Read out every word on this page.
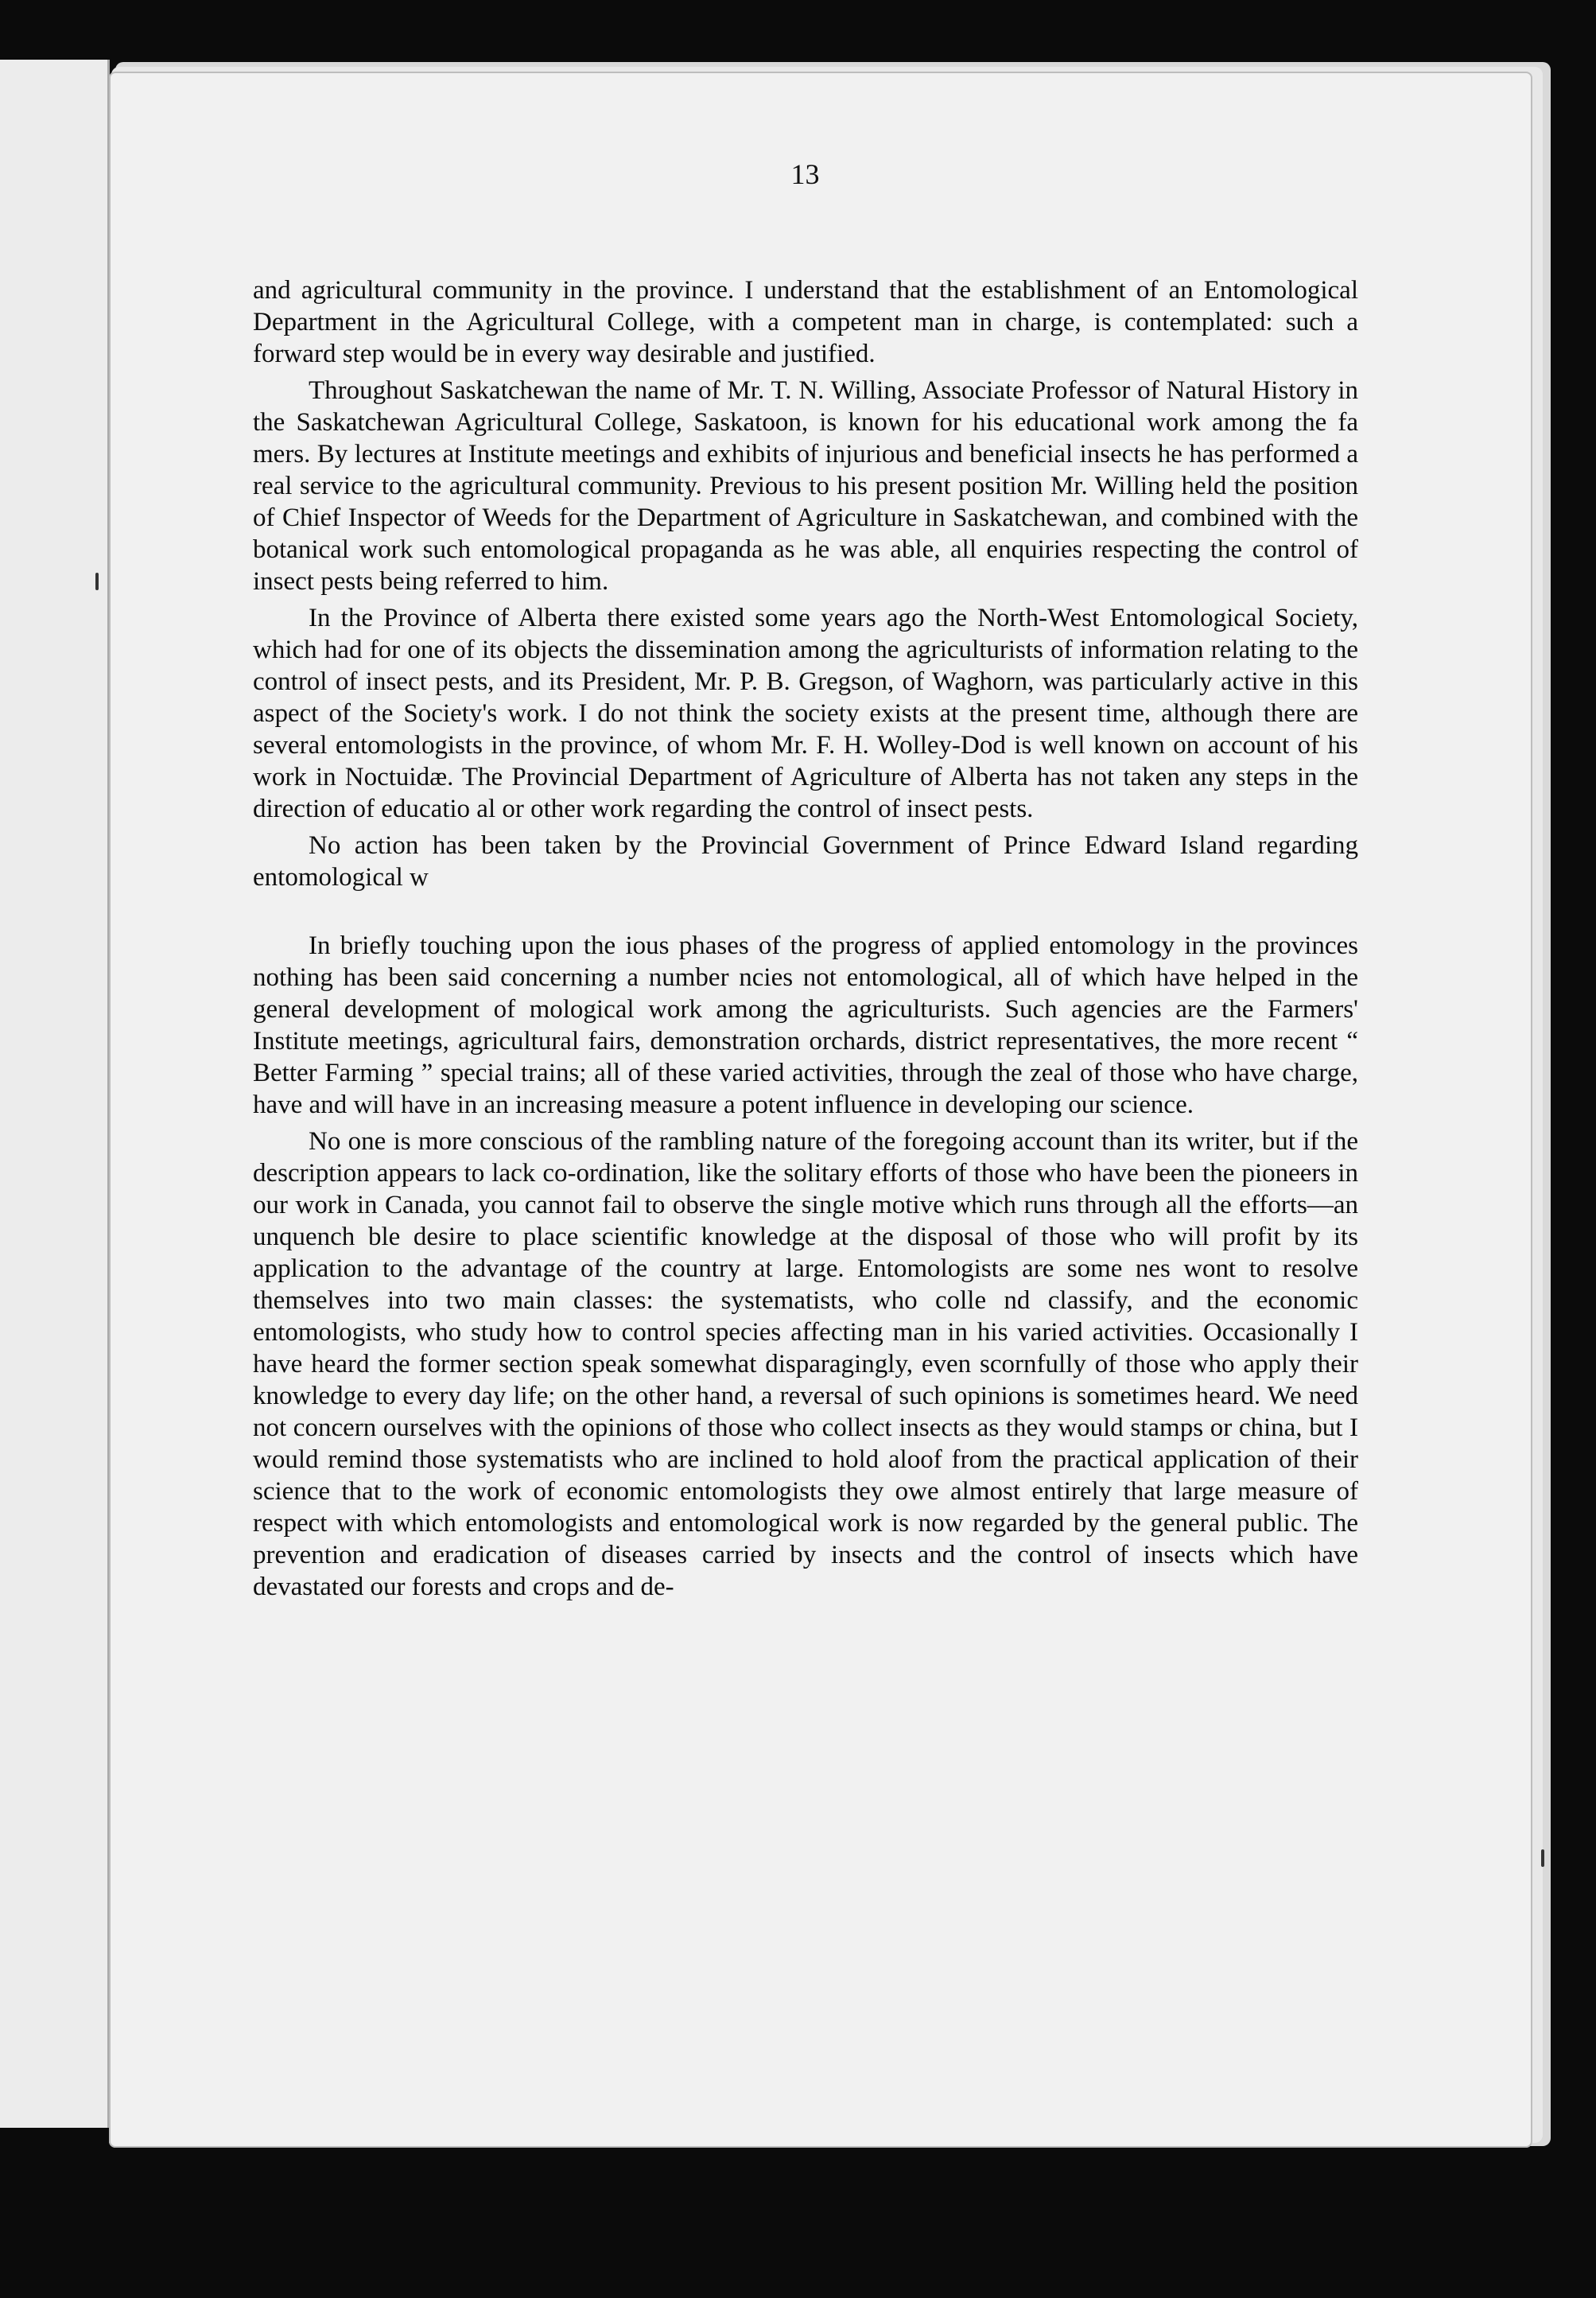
13

and agricultural community in the province. I understand that the establishment of an Entomological Department in the Agricultural College, with a competent man in charge, is contemplated: such a forward step would be in every way desirable and justified.

Throughout Saskatchewan the name of Mr. T. N. Willing, Associate Professor of Natural History in the Saskatchewan Agricultural College, Saskatoon, is known for his educational work among the fa mers. By lectures at Institute meetings and exhibits of injurious and beneficial insects he has performed a real service to the agricultural community. Previous to his present position Mr. Willing held the position of Chief Inspector of Weeds for the Department of Agriculture in Saskatchewan, and combined with the botanical work such entomological propaganda as he was able, all enquiries respecting the control of insect pests being referred to him.

In the Province of Alberta there existed some years ago the North-West Entomological Society, which had for one of its objects the dissemination among the agriculturists of information relating to the control of insect pests, and its President, Mr. P. B. Gregson, of Waghorn, was particularly active in this aspect of the Society's work. I do not think the society exists at the present time, although there are several entomologists in the province, of whom Mr. F. H. Wolley-Dod is well known on account of his work in Noctuidæ. The Provincial Department of Agriculture of Alberta has not taken any steps in the direction of educatio al or other work regarding the control of insect pests.

No action has been taken by the Provincial Government of Prince Edward Island regarding entomological w

In briefly touching upon the ious phases of the progress of applied entomology in the provinces nothing has been said concerning a number ncies not entomological, all of which have helped in the general development of mological work among the agriculturists. Such agencies are the Farmers' Institute meetings, agricultural fairs, demonstration orchards, district representatives, the more recent “ Better Farming ” special trains; all of these varied activities, through the zeal of those who have charge, have and will have in an increasing measure a potent influence in developing our science.

No one is more conscious of the rambling nature of the foregoing account than its writer, but if the description appears to lack co-ordination, like the solitary efforts of those who have been the pioneers in our work in Canada, you cannot fail to observe the single motive which runs through all the efforts—an unquench ble desire to place scientific knowledge at the disposal of those who will profit by its application to the advantage of the country at large. Entomologists are some nes wont to resolve themselves into two main classes: the systematists, who colle nd classify, and the economic entomologists, who study how to control species affecting man in his varied activities. Occasionally I have heard the former section speak somewhat disparagingly, even scornfully of those who apply their knowledge to every day life; on the other hand, a reversal of such opinions is sometimes heard. We need not concern ourselves with the opinions of those who collect insects as they would stamps or china, but I would remind those systematists who are inclined to hold aloof from the practical application of their science that to the work of economic entomologists they owe almost entirely that large measure of respect with which entomologists and entomological work is now regarded by the general public. The prevention and eradication of diseases carried by insects and the control of insects which have devastated our forests and crops and de-
